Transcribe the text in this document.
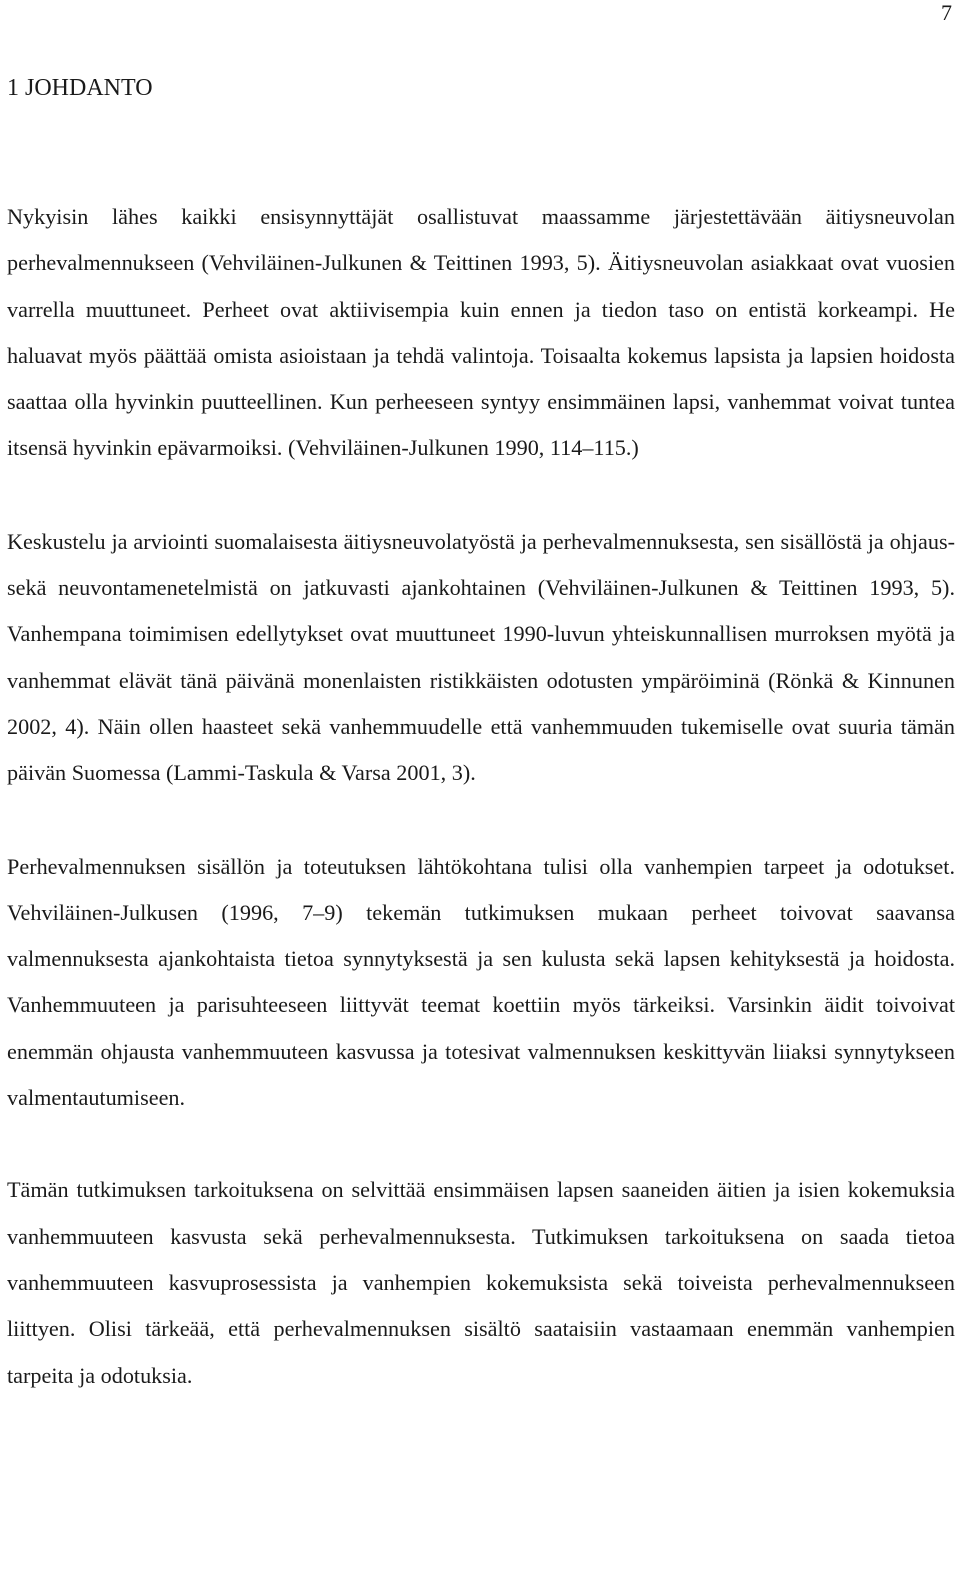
7
1 JOHDANTO

Nykyisin lähes kaikki ensisynnyttäjät osallistuvat maassamme järjestettävään äitiysneuvolan perhevalmennukseen (Vehviläinen-Julkunen & Teittinen 1993, 5). Äitiysneuvolan asiakkaat ovat vuosien varrella muuttuneet. Perheet ovat aktiivisempia kuin ennen ja tiedon taso on entistä korkeampi. He haluavat myös päättää omista asioistaan ja tehdä valintoja. Toisaalta kokemus lapsista ja lapsien hoidosta saattaa olla hyvinkin puutteellinen. Kun perheeseen syntyy ensimmäinen lapsi, vanhemmat voivat tuntea itsensä hyvinkin epävarmoiksi. (Vehviläinen-Julkunen 1990, 114–115.)

Keskustelu ja arviointi suomalaisesta äitiysneuvolatyöstä ja perhevalmennuksesta, sen sisällöstä ja ohjaus- sekä neuvontamenetelmistä on jatkuvasti ajankohtainen (Vehviläinen-Julkunen & Teittinen 1993, 5). Vanhempana toimimisen edellytykset ovat muuttuneet 1990-luvun yhteiskunnallisen murroksen myötä ja vanhemmat elävät tänä päivänä monenlaisten ristikkäisten odotusten ympäröiminä (Rönkä & Kinnunen 2002, 4). Näin ollen haasteet sekä vanhemmuudelle että vanhemmuuden tukemiselle ovat suuria tämän päivän Suomessa (Lammi-Taskula & Varsa 2001, 3).

Perhevalmennuksen sisällön ja toteutuksen lähtökohtana tulisi olla vanhempien tarpeet ja odotukset. Vehviläinen-Julkusen (1996, 7–9) tekemän tutkimuksen mukaan perheet toivovat saavansa valmennuksesta ajankohtaista tietoa synnytyksestä ja sen kulusta sekä lapsen kehityksestä ja hoidosta. Vanhemmuuteen ja parisuhteeseen liittyvät teemat koettiin myös tärkeiksi. Varsinkin äidit toivoivat enemmän ohjausta vanhemmuuteen kasvussa ja totesivat valmennuksen keskittyvän liiaksi synnytykseen valmentautumiseen.

Tämän tutkimuksen tarkoituksena on selvittää ensimmäisen lapsen saaneiden äitien ja isien kokemuksia vanhemmuuteen kasvusta sekä perhevalmennuksesta. Tutkimuksen tarkoituksena on saada tietoa vanhemmuuteen kasvuprosessista ja vanhempien kokemuksista sekä toiveista perhevalmennukseen liittyen. Olisi tärkeää, että perhevalmennuksen sisältö saataisiin vastaamaan enemmän vanhempien tarpeita ja odotuksia.
